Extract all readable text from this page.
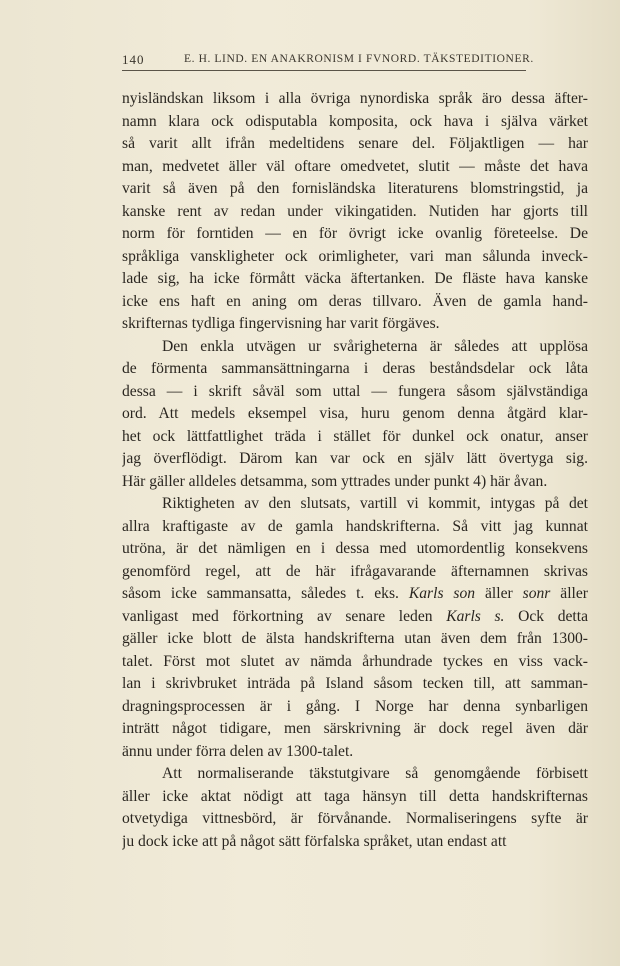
140	E. H. LIND. EN ANAKRONISM I FVNORD. TÄKSTEDITIONER.
nyisländskan liksom i alla övriga nynordiska språk äro dessa äfter-
namn klara ock odisputabla komposita, ock hava i själva värket
så varit allt ifrån medeltidens senare del. Följaktligen — har
man, medvetet äller väl oftare omedvetet, slutit — måste det hava
varit så även på den fornisländska literaturens blomstringstid, ja
kanske rent av redan under vikingatiden. Nutiden har gjorts till
norm för forntiden — en för övrigt icke ovanlig företeelse. De
språkliga vanskligheter ock orimligheter, vari man sålunda inveck-
lade sig, ha icke förmått väcka äftertanken. De fläste hava kanske
icke ens haft en aning om deras tillvaro. Även de gamla hand-
skrifternas tydliga fingervisning har varit förgäves.
Den enkla utvägen ur svårigheterna är således att upplösa
de förmenta sammansättningarna i deras beståndsdelar ock låta
dessa — i skrift såväl som uttal — fungera såsom självständiga
ord. Att medels eksempel visa, huru genom denna åtgärd klar-
het ock lättfattlighet träda i stället för dunkel ock onatur, anser
jag överflödigt. Därom kan var ock en själv lätt övertyga sig.
Här gäller alldeles detsamma, som yttrades under punkt 4) här åvan.
Riktigheten av den slutsats, vartill vi kommit, intygas på det
allra kraftigaste av de gamla handskrifterna. Så vitt jag kunnat
utröna, är det nämligen en i dessa med utomordentlig konsekvens
genomförd regel, att de här ifrågavarande äfternamnen skrivas
såsom icke sammansatta, således t. eks. Karls son äller sonr äller
vanligast med förkortning av senare leden Karls s. Ock detta
gäller icke blott de älsta handskrifterna utan även dem från 1300-
talet. Först mot slutet av nämda århundrade tyckes en viss vack-
lan i skrivbruket inträda på Island såsom tecken till, att samman-
dragningsprocessen är i gång. I Norge har denna synbarligen
inträtt något tidigare, men särskrivning är dock regel även där
ännu under förra delen av 1300-talet.
Att normaliserande täkstutgivare så genomgående förbisett
äller icke aktat nödigt att taga hänsyn till detta handskrifternas
otvetydiga vittnesbörd, är förvånande. Normaliseringens syfte är
ju dock icke att på något sätt förfalska språket, utan endast att
